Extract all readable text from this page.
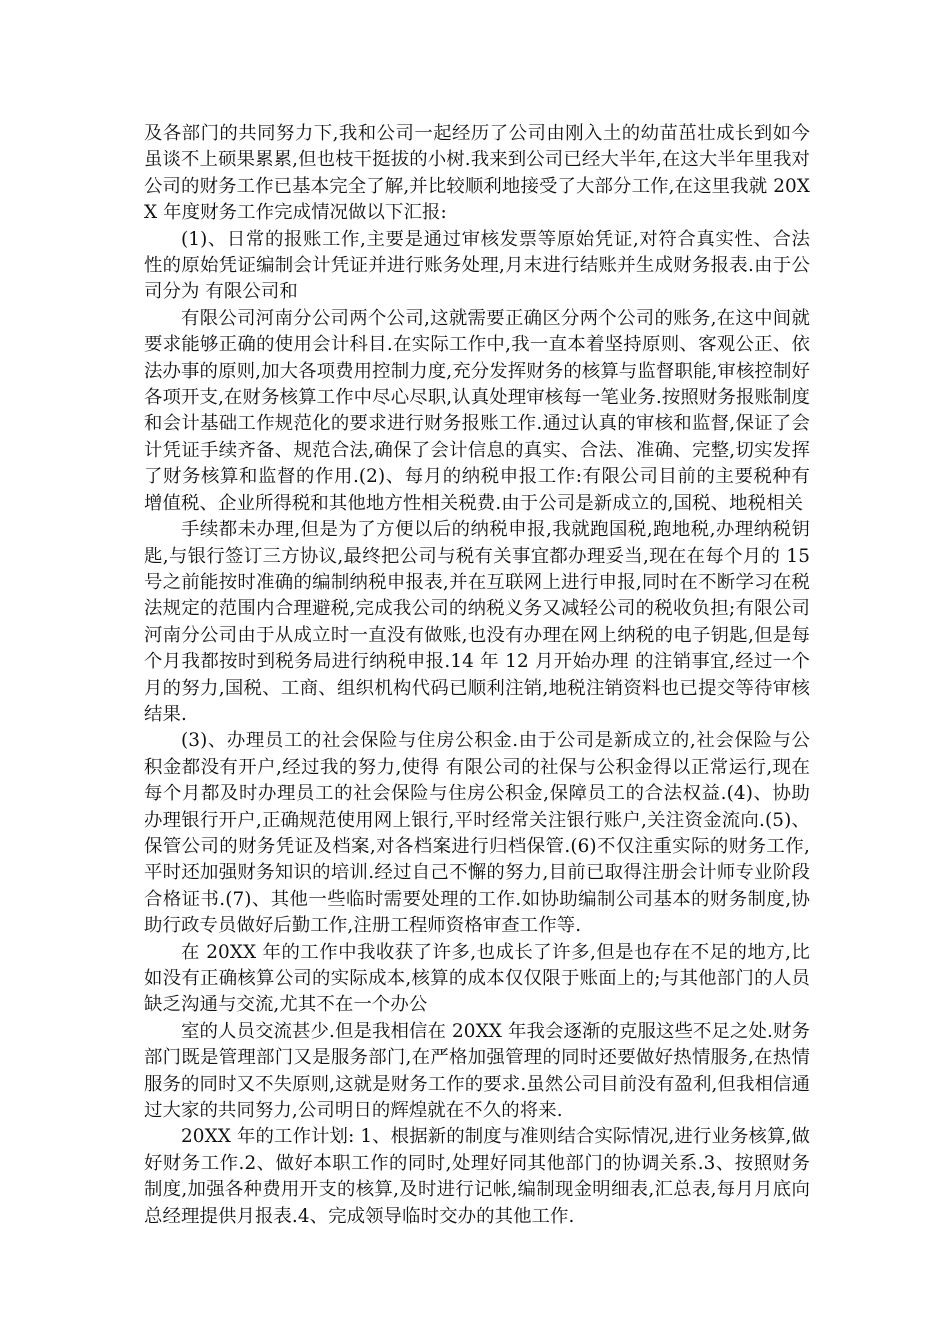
及各部门的共同努力下,我和公司一起经历了公司由刚入土的幼苗茁壮成长到如今虽谈不上硕果累累,但也枝干挺拔的小树.我来到公司已经大半年,在这大半年里我对公司的财务工作已基本完全了解,并比较顺利地接受了大部分工作,在这里我就 20XX 年度财务工作完成情况做以下汇报:

(1)、日常的报账工作,主要是通过审核发票等原始凭证,对符合真实性、合法性的原始凭证编制会计凭证并进行账务处理,月末进行结账并生成财务报表.由于公司分为 有限公司和

有限公司河南分公司两个公司,这就需要正确区分两个公司的账务,在这中间就要求能够正确的使用会计科目.在实际工作中,我一直本着坚持原则、客观公正、依法办事的原则,加大各项费用控制力度,充分发挥财务的核算与监督职能,审核控制好各项开支,在财务核算工作中尽心尽职,认真处理审核每一笔业务.按照财务报账制度和会计基础工作规范化的要求进行财务报账工作.通过认真的审核和监督,保证了会计凭证手续齐备、规范合法,确保了会计信息的真实、合法、准确、完整,切实发挥了财务核算和监督的作用.(2)、每月的纳税申报工作:有限公司目前的主要税种有增值税、企业所得税和其他地方性相关税费.由于公司是新成立的,国税、地税相关

手续都未办理,但是为了方便以后的纳税申报,我就跑国税,跑地税,办理纳税钥匙,与银行签订三方协议,最终把公司与税有关事宜都办理妥当,现在在每个月的 15 号之前能按时准确的编制纳税申报表,并在互联网上进行申报,同时在不断学习在税法规定的范围内合理避税,完成我公司的纳税义务又减轻公司的税收负担;有限公司河南分公司由于从成立时一直没有做账,也没有办理在网上纳税的电子钥匙,但是每个月我都按时到税务局进行纳税申报.14 年 12 月开始办理 的注销事宜,经过一个月的努力,国税、工商、组织机构代码已顺利注销,地税注销资料也已提交等待审核结果.

(3)、办理员工的社会保险与住房公积金.由于公司是新成立的,社会保险与公积金都没有开户,经过我的努力,使得 有限公司的社保与公积金得以正常运行,现在每个月都及时办理员工的社会保险与住房公积金,保障员工的合法权益.(4)、协助办理银行开户,正确规范使用网上银行,平时经常关注银行账户,关注资金流向.(5)、保管公司的财务凭证及档案,对各档案进行归档保管.(6)不仅注重实际的财务工作,平时还加强财务知识的培训.经过自己不懈的努力,目前已取得注册会计师专业阶段合格证书.(7)、其他一些临时需要处理的工作.如协助编制公司基本的财务制度,协助行政专员做好后勤工作,注册工程师资格审查工作等.

在 20XX 年的工作中我收获了许多,也成长了许多,但是也存在不足的地方,比如没有正确核算公司的实际成本,核算的成本仅仅限于账面上的;与其他部门的人员缺乏沟通与交流,尤其不在一个办公

室的人员交流甚少.但是我相信在 20XX 年我会逐渐的克服这些不足之处.财务部门既是管理部门又是服务部门,在严格加强管理的同时还要做好热情服务,在热情服务的同时又不失原则,这就是财务工作的要求.虽然公司目前没有盈利,但我相信通过大家的共同努力,公司明日的辉煌就在不久的将来.

20XX 年的工作计划: 1、根据新的制度与准则结合实际情况,进行业务核算,做好财务工作.2、做好本职工作的同时,处理好同其他部门的协调关系.3、按照财务制度,加强各种费用开支的核算,及时进行记帐,编制现金明细表,汇总表,每月月底向总经理提供月报表.4、完成领导临时交办的其他工作.
